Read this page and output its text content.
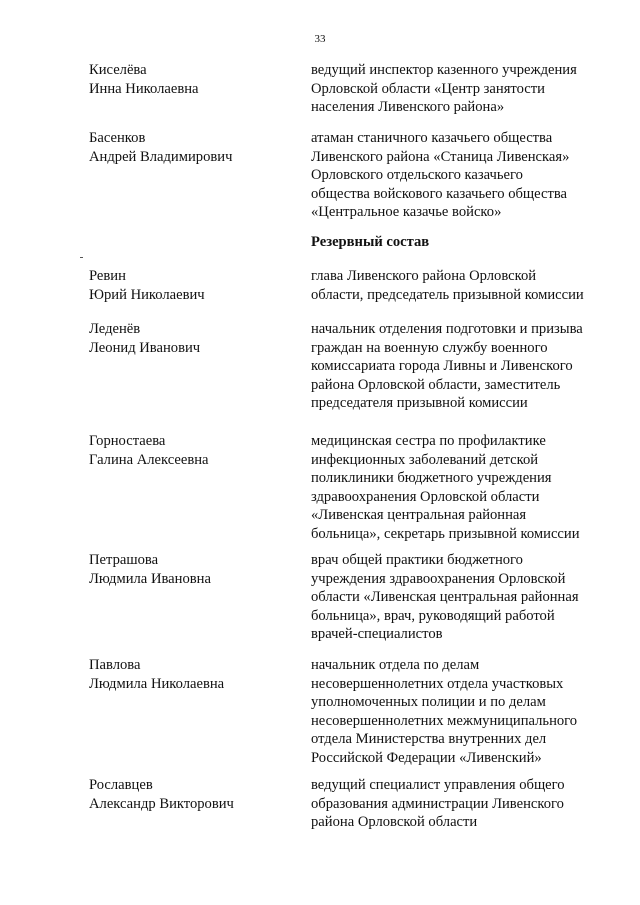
33
Киселёва
Инна Николаевна
ведущий инспектор казенного учреждения
Орловской области «Центр занятости
населения Ливенского района»
Басенков
Андрей Владимирович
атаман станичного казачьего общества
Ливенского района «Станица Ливенская»
Орловского отдельского казачьего
общества войскового казачьего общества
«Центральное казачье войско»
Резервный состав
Ревин
Юрий Николаевич
глава Ливенского района Орловской
области, председатель призывной комиссии
Леденёв
Леонид Иванович
начальник отделения подготовки и призыва
граждан на военную службу военного
комиссариата города Ливны и Ливенского
района Орловской области, заместитель
председателя призывной комиссии
Горностаева
Галина Алексеевна
медицинская сестра по профилактике
инфекционных заболеваний детской
поликлиники бюджетного учреждения
здравоохранения Орловской области
«Ливенская центральная районная
больница», секретарь призывной комиссии
Петрашова
Людмила Ивановна
врач общей практики бюджетного
учреждения здравоохранения Орловской
области «Ливенская центральная районная
больница», врач, руководящий работой
врачей-специалистов
Павлова
Людмила Николаевна
начальник отдела по делам
несовершеннолетних отдела участковых
уполномоченных полиции и по делам
несовершеннолетних межмуниципального
отдела Министерства внутренних дел
Российской Федерации «Ливенский»
Рославцев
Александр Викторович
ведущий специалист управления общего
образования администрации Ливенского
района Орловской области
